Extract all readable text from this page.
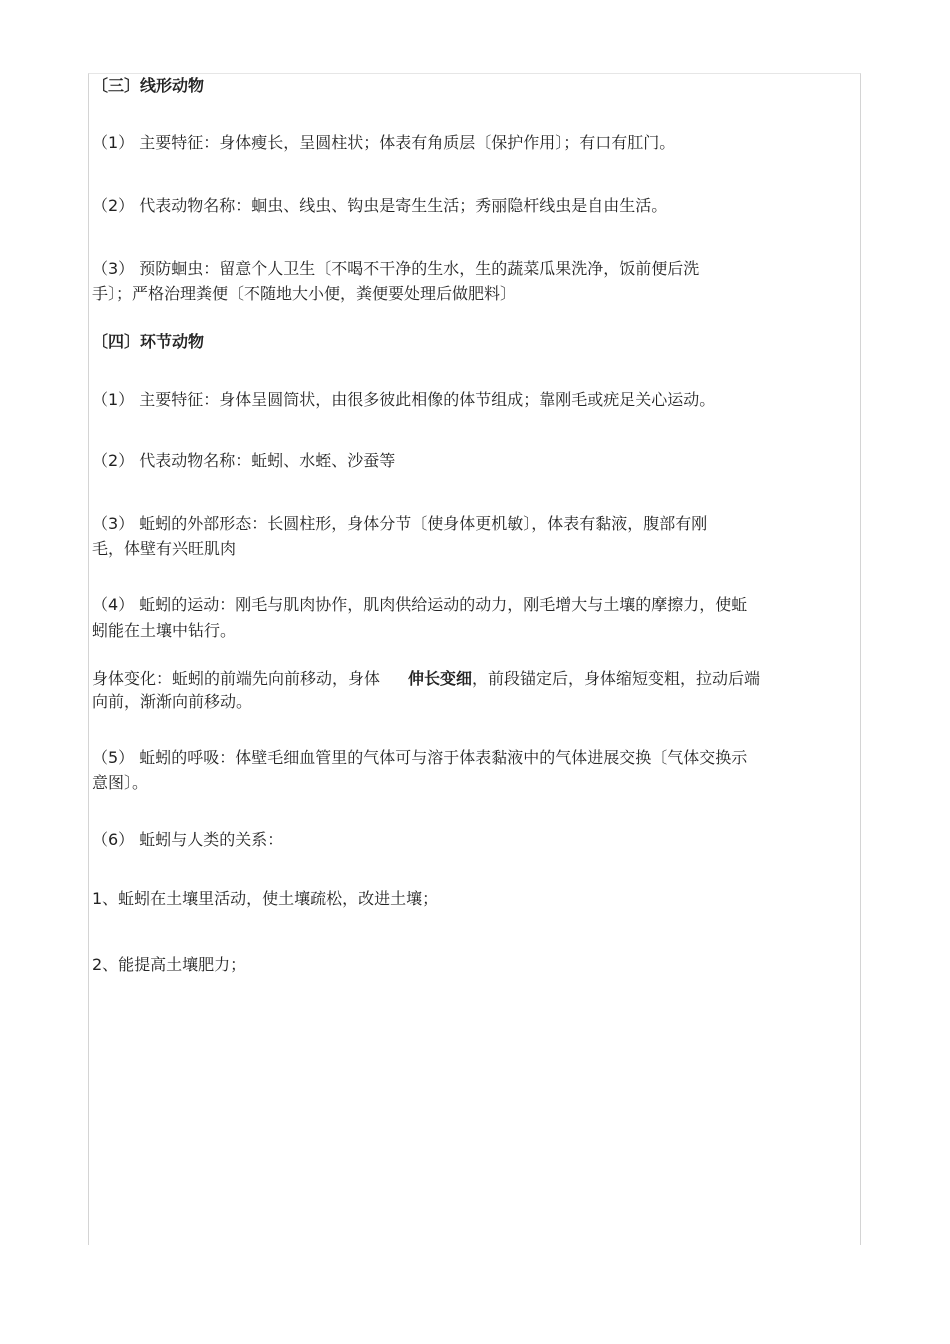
〔三〕线形动物
（1） 主要特征：身体瘦长，呈圆柱状；体表有角质层〔保护作用〕；有口有肛门。
（2） 代表动物名称：蛔虫、线虫、钩虫是寄生生活；秀丽隐杆线虫是自由生活。
（3） 预防蛔虫：留意个人卫生〔不喝不干净的生水，生的蔬菜瓜果洗净，饭前便后洗
手〕；严格治理粪便〔不随地大小便，粪便要处理后做肥料〕
〔四〕环节动物
（1） 主要特征：身体呈圆筒状，由很多彼此相像的体节组成；靠刚毛或疣足关心运动。
（2） 代表动物名称：蚯蚓、水蛭、沙蚕等
（3） 蚯蚓的外部形态：长圆柱形，身体分节〔使身体更机敏〕，体表有黏液，腹部有刚
毛，体壁有兴旺肌肉
（4） 蚯蚓的运动：刚毛与肌肉协作，肌肉供给运动的动力，刚毛增大与土壤的摩擦力，使蚯
蚓能在土壤中钻行。
身体变化：蚯蚓的前端先向前移动，身体 伸长变细，前段锚定后，身体缩短变粗，拉动后端
向前，渐渐向前移动。
（5） 蚯蚓的呼吸：体壁毛细血管里的气体可与溶于体表黏液中的气体进展交换〔气体交换示
意图〕。
（6） 蚯蚓与人类的关系：
1、蚯蚓在土壤里活动，使土壤疏松，改进土壤；
2、能提高土壤肥力；
